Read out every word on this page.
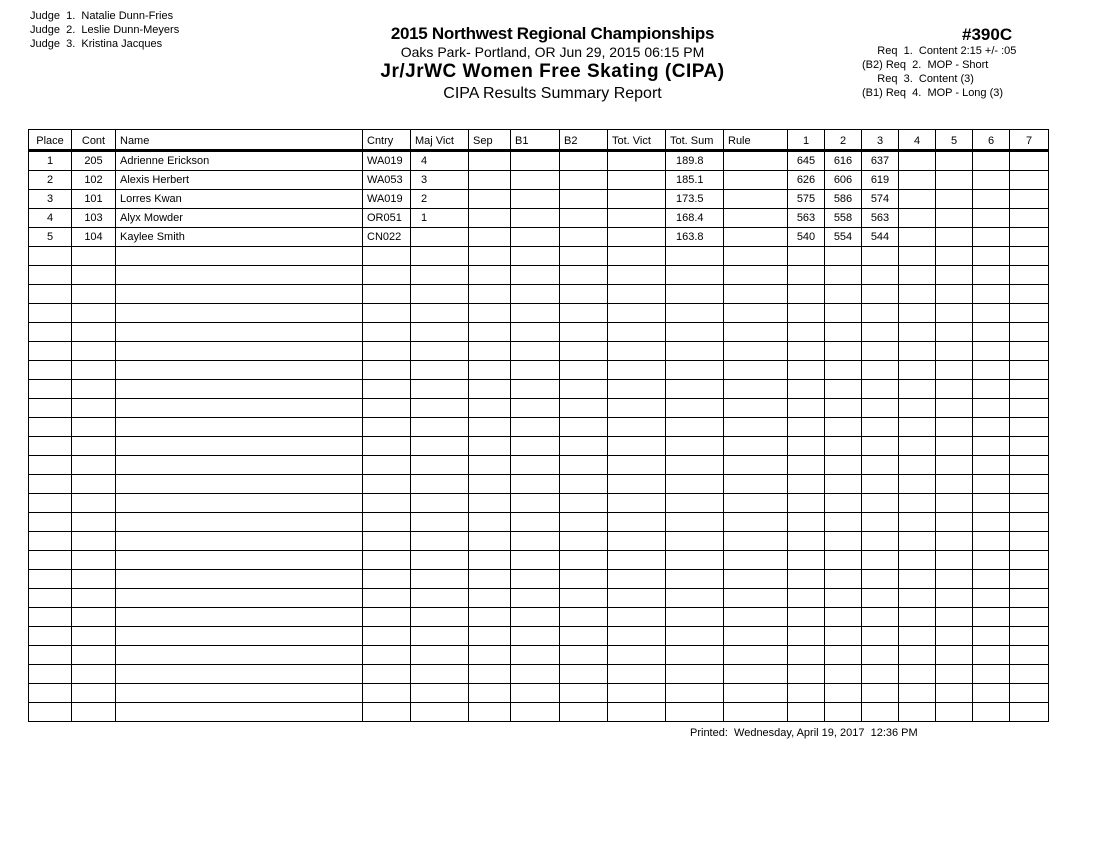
Judge  1. Natalie Dunn-Fries
Judge  2. Leslie Dunn-Meyers
Judge  3. Kristina Jacques
2015 Northwest Regional Championships
Oaks Park- Portland, OR Jun 29, 2015 06:15 PM
Jr/JrWC Women Free Skating (CIPA)
CIPA Results Summary Report
#390C
Req  1. Content 2:15 +/- :05
(B2) Req  2. MOP - Short
Req  3. Content (3)
(B1) Req  4. MOP - Long (3)
Place	Cont	Name	Cntry	Maj Vict	Sep	B1	B2	Tot. Vict	Tot. Sum	Rule	1	2	3	4	5	6	7
1	205	Adrienne Erickson	WA019	4					189.8		645	616	637				
2	102	Alexis Herbert	WA053	3					185.1		626	606	619				
3	101	Lorres Kwan	WA019	2					173.5		575	586	574				
4	103	Alyx Mowder	OR051	1					168.4		563	558	563				
5	104	Kaylee Smith	CN022						163.8		540	554	544				

Printed:  Wednesday, April 19, 2017  12:36 PM
